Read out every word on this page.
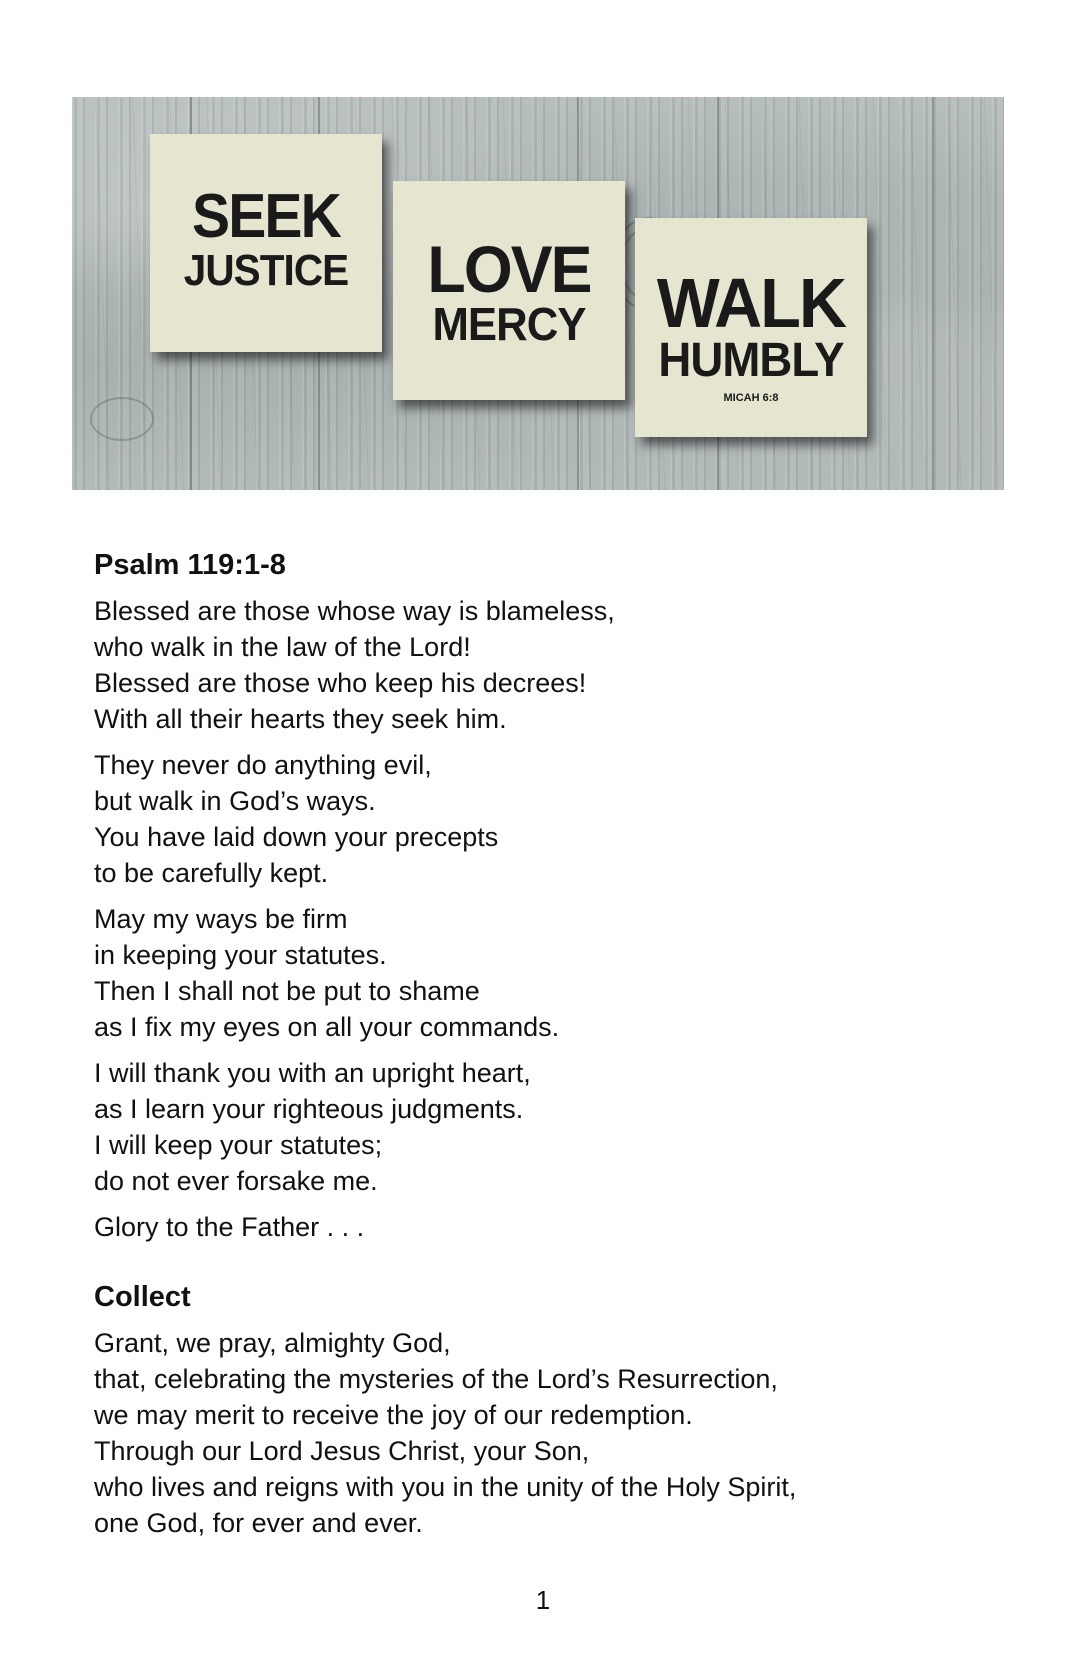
SEEK
JUSTICE	LOVE
MERCY	WALK
HUMBLY
MICAH 6:8
Psalm 119:1-8
Blessed are those whose way is blameless,
who walk in the law of the Lord!
Blessed are those who keep his decrees!
With all their hearts they seek him.
They never do anything evil,
but walk in God’s ways.
You have laid down your precepts
to be carefully kept.
May my ways be firm
in keeping your statutes.
Then I shall not be put to shame
as I fix my eyes on all your commands.
I will thank you with an upright heart,
as I learn your righteous judgments.
I will keep your statutes;
do not ever forsake me.
Glory to the Father . . .
Collect
Grant, we pray, almighty God,
that, celebrating the mysteries of the Lord’s Resurrection,
we may merit to receive the joy of our redemption.
Through our Lord Jesus Christ, your Son,
who lives and reigns with you in the unity of the Holy Spirit,
one God, for ever and ever.
1
